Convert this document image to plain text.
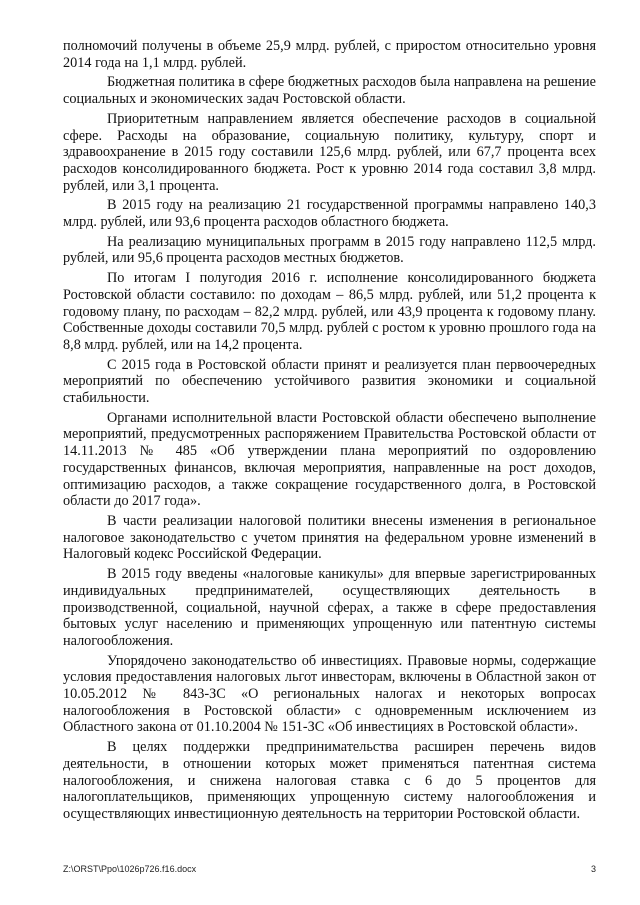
полномочий получены в объеме 25,9 млрд. рублей, с приростом относительно уровня 2014 года на 1,1 млрд. рублей.

Бюджетная политика в сфере бюджетных расходов была направлена на решение социальных и экономических задач Ростовской области.

Приоритетным направлением является обеспечение расходов в социальной сфере. Расходы на образование, социальную политику, культуру, спорт и здравоохранение в 2015 году составили 125,6 млрд. рублей, или 67,7 процента всех расходов консолидированного бюджета. Рост к уровню 2014 года составил 3,8 млрд. рублей, или 3,1 процента.

В 2015 году на реализацию 21 государственной программы направлено 140,3 млрд. рублей, или 93,6 процента расходов областного бюджета.

На реализацию муниципальных программ в 2015 году направлено 112,5 млрд. рублей, или 95,6 процента расходов местных бюджетов.

По итогам I полугодия 2016 г. исполнение консолидированного бюджета Ростовской области составило: по доходам – 86,5 млрд. рублей, или 51,2 процента к годовому плану, по расходам – 82,2 млрд. рублей, или 43,9 процента к годовому плану. Собственные доходы составили 70,5 млрд. рублей с ростом к уровню прошлого года на 8,8 млрд. рублей, или на 14,2 процента.

С 2015 года в Ростовской области принят и реализуется план первоочередных мероприятий по обеспечению устойчивого развития экономики и социальной стабильности.

Органами исполнительной власти Ростовской области обеспечено выполнение мероприятий, предусмотренных распоряжением Правительства Ростовской области от 14.11.2013 № 485 «Об утверждении плана мероприятий по оздоровлению государственных финансов, включая мероприятия, направленные на рост доходов, оптимизацию расходов, а также сокращение государственного долга, в Ростовской области до 2017 года».

В части реализации налоговой политики внесены изменения в региональное налоговое законодательство с учетом принятия на федеральном уровне изменений в Налоговый кодекс Российской Федерации.

В 2015 году введены «налоговые каникулы» для впервые зарегистрированных индивидуальных предпринимателей, осуществляющих деятельность в производственной, социальной, научной сферах, а также в сфере предоставления бытовых услуг населению и применяющих упрощенную или патентную системы налогообложения.

Упорядочено законодательство об инвестициях. Правовые нормы, содержащие условия предоставления налоговых льгот инвесторам, включены в Областной закон от 10.05.2012 № 843-ЗС «О региональных налогах и некоторых вопросах налогообложения в Ростовской области» с одновременным исключением из Областного закона от 01.10.2004 № 151-ЗС «Об инвестициях в Ростовской области».

В целях поддержки предпринимательства расширен перечень видов деятельности, в отношении которых может применяться патентная система налогообложения, и снижена налоговая ставка с 6 до 5 процентов для налогоплательщиков, применяющих упрощенную систему налогообложения и осуществляющих инвестиционную деятельность на территории Ростовской области.

Z:\ORST\Ppo\1026p726.f16.docx	3
